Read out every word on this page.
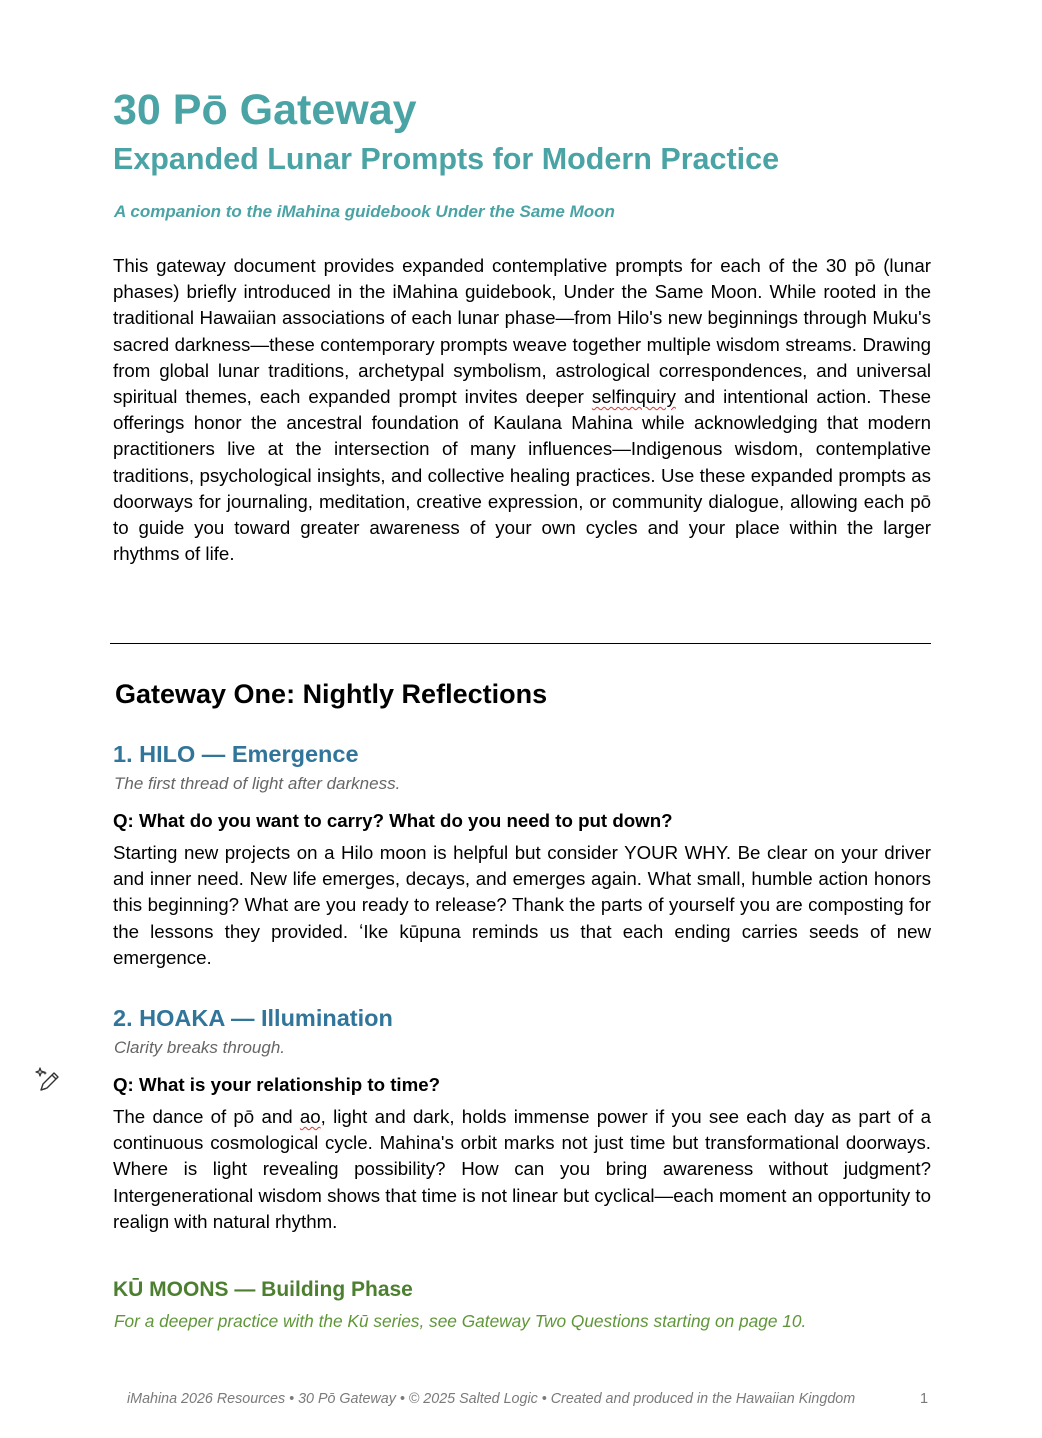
30 Pō Gateway
Expanded Lunar Prompts for Modern Practice
A companion to the iMahina guidebook Under the Same Moon

This gateway document provides expanded contemplative prompts for each of the 30 pō (lunar phases) briefly introduced in the iMahina guidebook, Under the Same Moon. While rooted in the traditional Hawaiian associations of each lunar phase—from Hilo's new beginnings through Muku's sacred darkness—these contemporary prompts weave together multiple wisdom streams. Drawing from global lunar traditions, archetypal symbolism, astrological correspondences, and universal spiritual themes, each expanded prompt invites deeper selfinquiry and intentional action. These offerings honor the ancestral foundation of Kaulana Mahina while acknowledging that modern practitioners live at the intersection of many influences—Indigenous wisdom, contemplative traditions, psychological insights, and collective healing practices. Use these expanded prompts as doorways for journaling, meditation, creative expression, or community dialogue, allowing each pō to guide you toward greater awareness of your own cycles and your place within the larger rhythms of life.

Gateway One: Nightly Reflections
1. HILO — Emergence
The first thread of light after darkness.
Q: What do you want to carry? What do you need to put down?

Starting new projects on a Hilo moon is helpful but consider YOUR WHY. Be clear on your driver and inner need. New life emerges, decays, and emerges again. What small, humble action honors this beginning? What are you ready to release? Thank the parts of yourself you are composting for the lessons they provided. ʻIke kūpuna reminds us that each ending carries seeds of new emergence.

2. HOAKA — Illumination
Clarity breaks through.
Q: What is your relationship to time?

The dance of pō and ao, light and dark, holds immense power if you see each day as part of a continuous cosmological cycle. Mahina's orbit marks not just time but transformational doorways. Where is light revealing possibility? How can you bring awareness without judgment? Intergenerational wisdom shows that time is not linear but cyclical—each moment an opportunity to realign with natural rhythm.

KŪ MOONS — Building Phase
For a deeper practice with the Kū series, see Gateway Two Questions starting on page 10.
iMahina 2026 Resources • 30 Pō Gateway • © 2025 Salted Logic • Created and produced in the Hawaiian Kingdom	1
